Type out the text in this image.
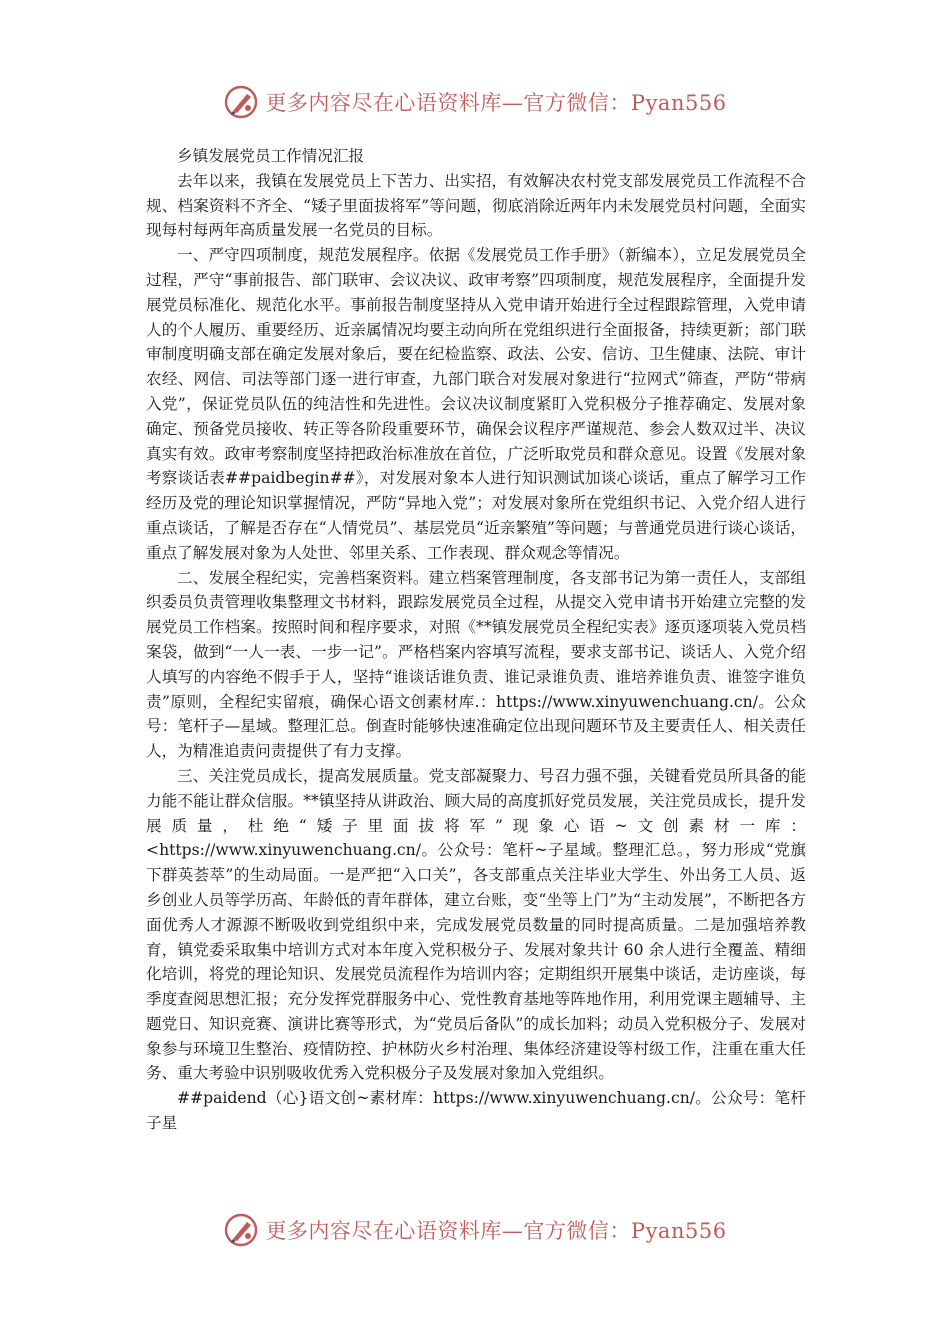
更多内容尽在心语资料库—官方微信：Pyan556

乡镇发展党员工作情况汇报

去年以来，我镇在发展党员上下苦力、出实招，有效解决农村党支部发展党员工作流程不合规、档案资料不齐全、“矮子里面拔将军”等问题，彻底消除近两年内未发展党员村问题，全面实现每村每两年高质量发展一名党员的目标。

一、严守四项制度，规范发展程序。依据《发展党员工作手册》（新编本），立足发展党员全过程，严守“事前报告、部门联审、会议决议、政审考察”四项制度，规范发展程序，全面提升发展党员标准化、规范化水平。事前报告制度坚持从入党申请开始进行全过程跟踪管理，入党申请人的个人履历、重要经历、近亲属情况均要主动向所在党组织进行全面报备，持续更新；部门联审制度明确支部在确定发展对象后，要在纪检监察、政法、公安、信访、卫生健康、法院、审计农经、网信、司法等部门逐一进行审查，九部门联合对发展对象进行“拉网式”筛查，严防“带病入党”，保证党员队伍的纯洁性和先进性。会议决议制度紧盯入党积极分子推荐确定、发展对象确定、预备党员接收、转正等各阶段重要环节，确保会议程序严谨规范、参会人数双过半、决议真实有效。政审考察制度坚持把政治标准放在首位，广泛听取党员和群众意见。设置《发展对象考察谈话表##paidbegin##》，对发展对象本人进行知识测试加谈心谈话，重点了解学习工作经历及党的理论知识掌握情况，严防“异地入党”；对发展对象所在党组织书记、入党介绍人进行重点谈话，了解是否存在“人情党员”、基层党员“近亲繁殖”等问题；与普通党员进行谈心谈话，重点了解发展对象为人处世、邻里关系、工作表现、群众观念等情况。

二、发展全程纪实，完善档案资料。建立档案管理制度，各支部书记为第一责任人，支部组织委员负责管理收集整理文书材料，跟踪发展党员全过程，从提交入党申请书开始建立完整的发展党员工作档案。按照时间和程序要求，对照《**镇发展党员全程纪实表》逐页逐项装入党员档案袋，做到“一人一表、一步一记”。严格档案内容填写流程，要求支部书记、谈话人、入党介绍人填写的内容绝不假手于人，坚持“谁谈话谁负责、谁记录谁负责、谁培养谁负责、谁签字谁负责”原则，全程纪实留痕，确保心语文创素材库.：https://www.xinyuwenchuang.cn/。公众号：笔杆子—星域。整理汇总。倒查时能够快速准确定位出现问题环节及主要责任人、相关责任人，为精准追责问责提供了有力支撑。

三、关注党员成长，提高发展质量。党支部凝聚力、号召力强不强，关键看党员所具备的能力能不能让群众信服。**镇坚持从讲政治、顾大局的高度抓好党员发展，关注党员成长，提升发展质量，杜绝“矮子里面拔将军”现象心语~文创素材一库：<https://www.xinyuwenchuang.cn/。公众号：笔杆~子星域。整理汇总。，努力形成“党旗下群英荟萃”的生动局面。一是严把“入口关”，各支部重点关注毕业大学生、外出务工人员、返乡创业人员等学历高、年龄低的青年群体，建立台账，变“坐等上门”为“主动发展”，不断把各方面优秀人才源源不断吸收到党组织中来，完成发展党员数量的同时提高质量。二是加强培养教育，镇党委采取集中培训方式对本年度入党积极分子、发展对象共计 60 余人进行全覆盖、精细化培训，将党的理论知识、发展党员流程作为培训内容；定期组织开展集中谈话，走访座谈，每季度查阅思想汇报；充分发挥党群服务中心、党性教育基地等阵地作用，利用党课主题辅导、主题党日、知识竞赛、演讲比赛等形式，为“党员后备队”的成长加料；动员入党积极分子、发展对象参与环境卫生整治、疫情防控、护林防火乡村治理、集体经济建设等村级工作，注重在重大任务、重大考验中识别吸收优秀入党积极分子及发展对象加入党组织。

##paidend（心}语文创~素材库：https://www.xinyuwenchuang.cn/。公众号：笔杆子星

更多内容尽在心语资料库—官方微信：Pyan556
